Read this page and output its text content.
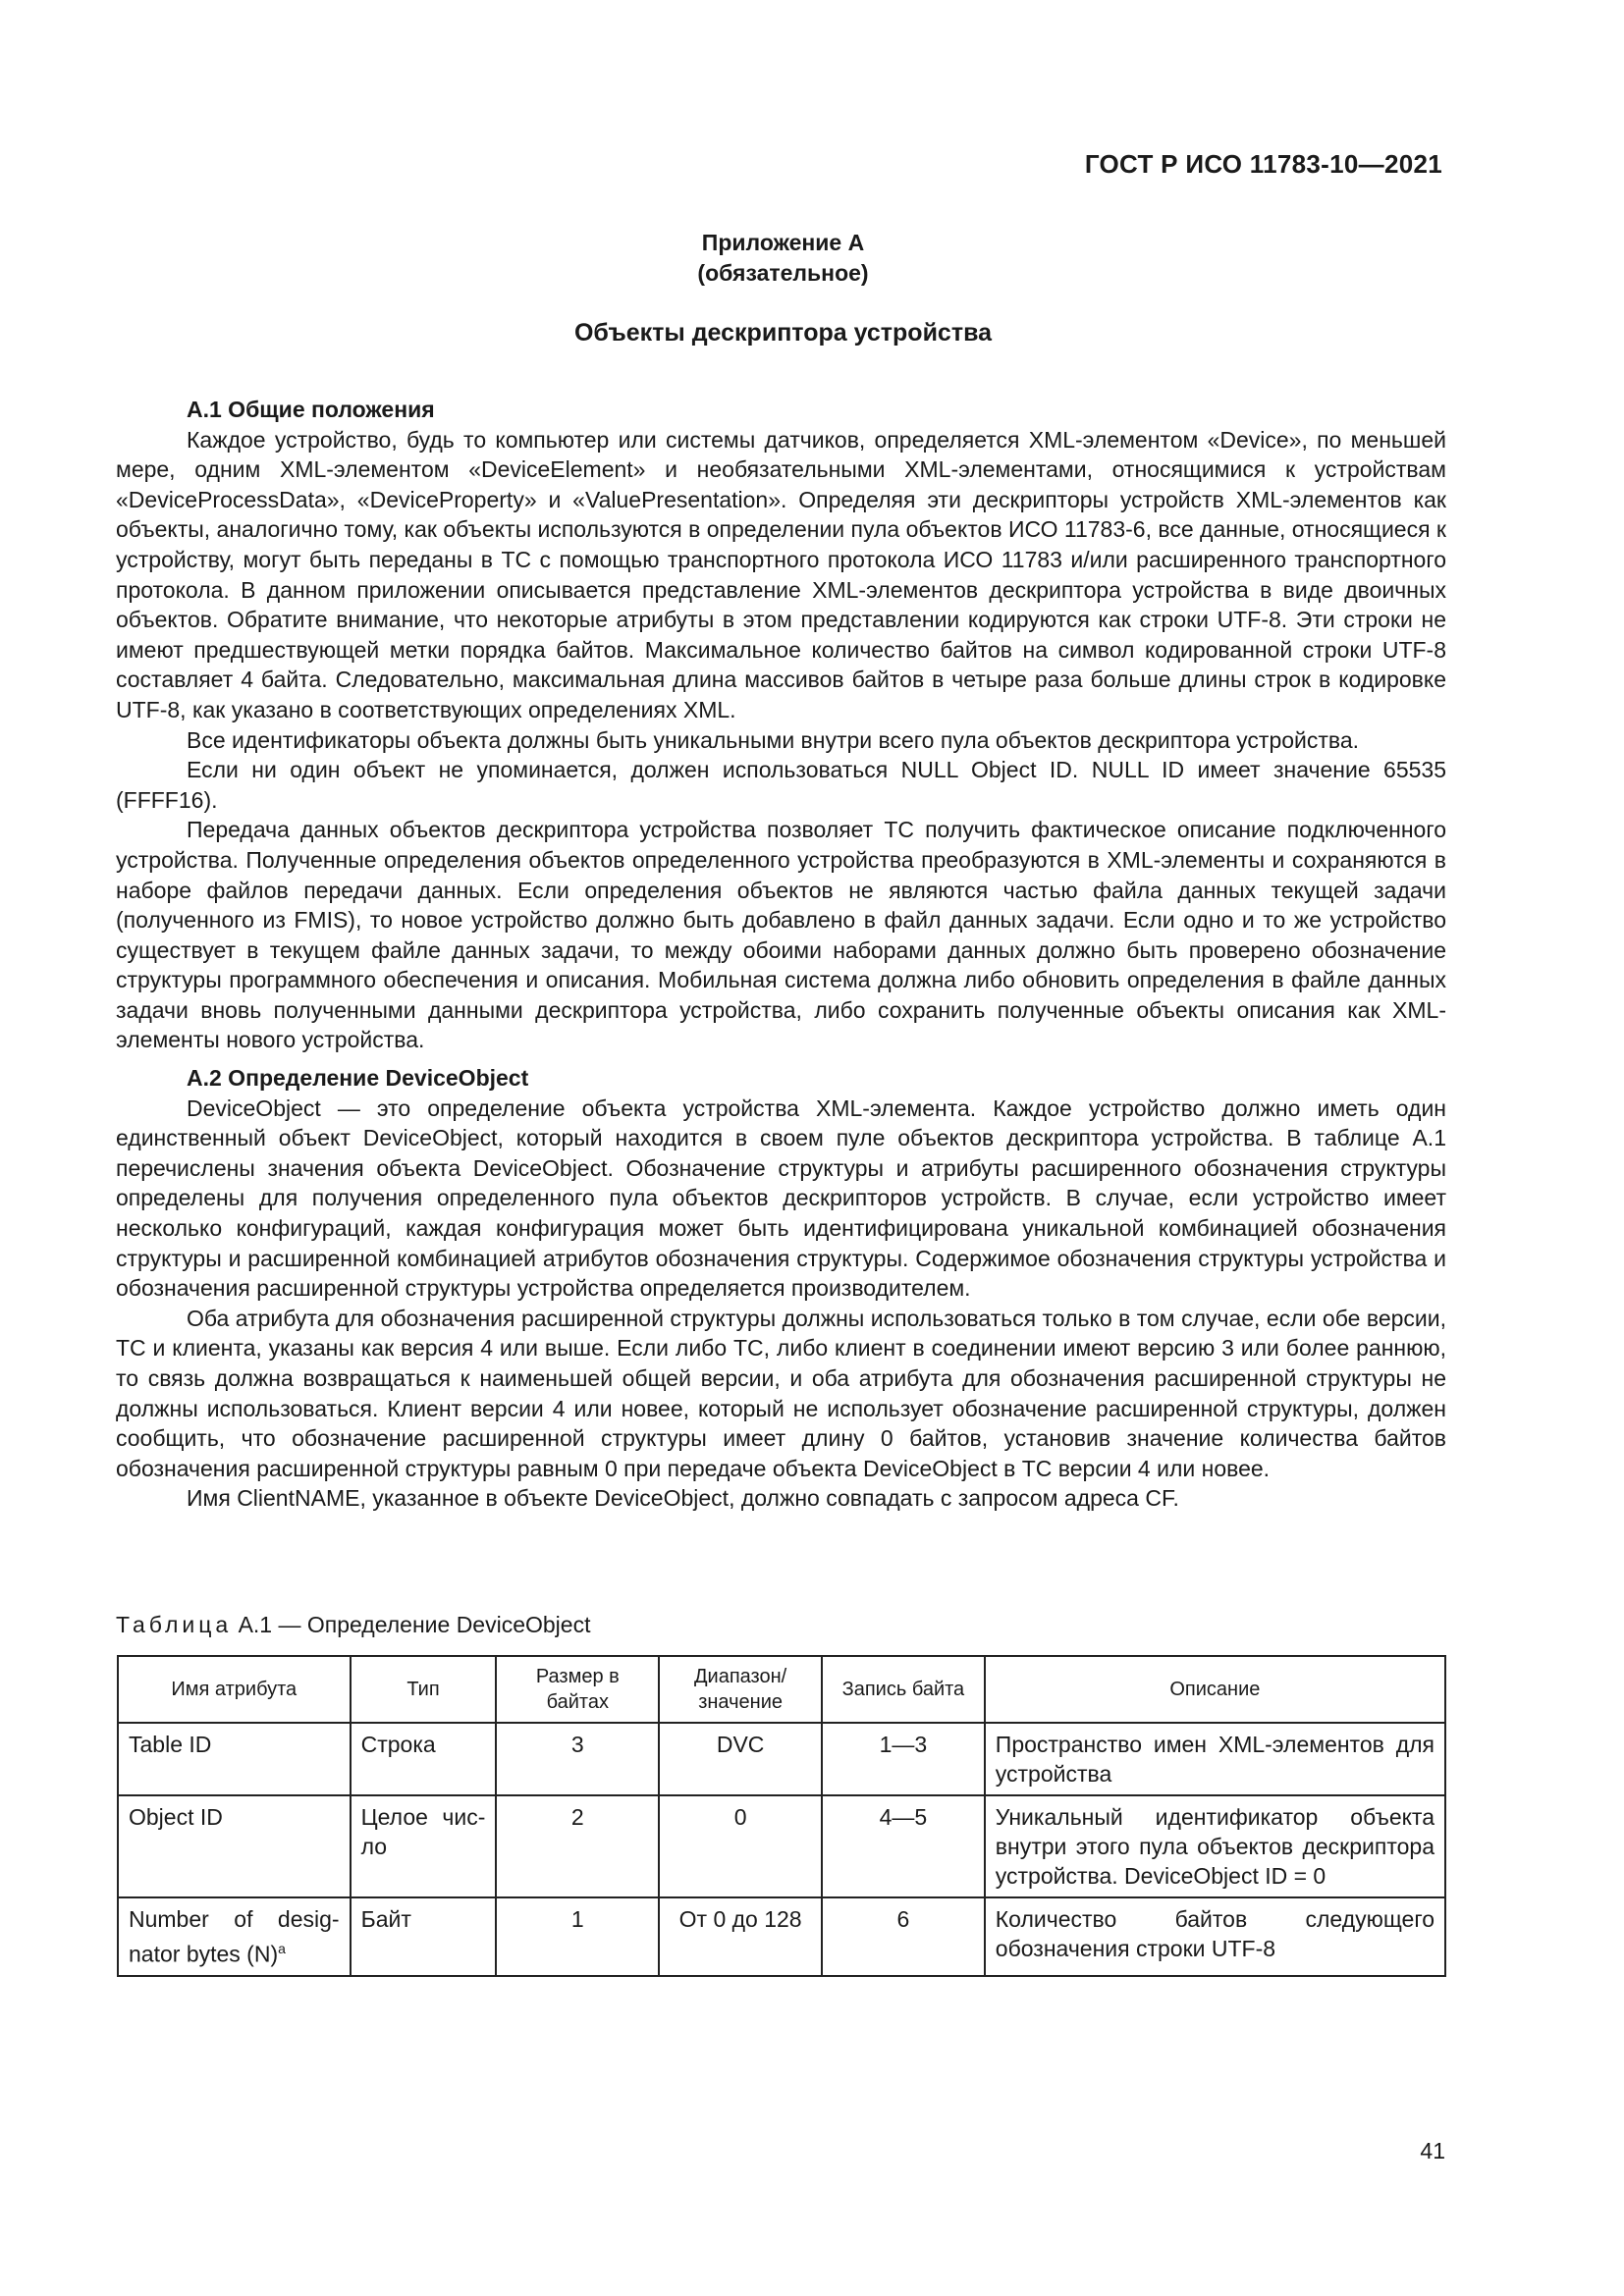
ГОСТ Р ИСО 11783-10—2021
Приложение А
(обязательное)
Объекты дескриптора устройства
А.1 Общие положения

Каждое устройство, будь то компьютер или системы датчиков, определяется XML-элементом «Device», по меньшей мере, одним XML-элементом «DeviceElement» и необязательными XML-элементами, относящимися к устройствам «DeviceProcessData», «DeviceProperty» и «ValuePresentation». Определяя эти дескрипторы устройств XML-элементов как объекты, аналогично тому, как объекты используются в определении пула объектов ИСО 11783-6, все данные, относящиеся к устройству, могут быть переданы в TC с помощью транспортного протокола ИСО 11783 и/или расширенного транспортного протокола. В данном приложении описывается представление XML-элементов дескриптора устройства в виде двоичных объектов. Обратите внимание, что некоторые атрибуты в этом представлении кодируются как строки UTF-8. Эти строки не имеют предшествующей метки порядка байтов. Максимальное количество байтов на символ кодированной строки UTF-8 составляет 4 байта. Следовательно, максимальная длина массивов байтов в четыре раза больше длины строк в кодировке UTF-8, как указано в соответствующих определениях XML.

Все идентификаторы объекта должны быть уникальными внутри всего пула объектов дескриптора устройства.

Если ни один объект не упоминается, должен использоваться NULL Object ID. NULL ID имеет значение 65535 (FFFF16).

Передача данных объектов дескриптора устройства позволяет TC получить фактическое описание подключенного устройства. Полученные определения объектов определенного устройства преобразуются в XML-элементы и сохраняются в наборе файлов передачи данных. Если определения объектов не являются частью файла данных текущей задачи (полученного из FMIS), то новое устройство должно быть добавлено в файл данных задачи. Если одно и то же устройство существует в текущем файле данных задачи, то между обоими наборами данных должно быть проверено обозначение структуры программного обеспечения и описания. Мобильная система должна либо обновить определения в файле данных задачи вновь полученными данными дескриптора устройства, либо сохранить полученные объекты описания как XML-элементы нового устройства.

А.2 Определение DeviceObject

DeviceObject — это определение объекта устройства XML-элемента. Каждое устройство должно иметь один единственный объект DeviceObject, который находится в своем пуле объектов дескриптора устройства. В таблице А.1 перечислены значения объекта DeviceObject. Обозначение структуры и атрибуты расширенного обозначения структуры определены для получения определенного пула объектов дескрипторов устройств. В случае, если устройство имеет несколько конфигураций, каждая конфигурация может быть идентифицирована уникальной комбинацией обозначения структуры и расширенной комбинацией атрибутов обозначения структуры. Содержимое обозначения структуры устройства и обозначения расширенной структуры устройства определяется производителем.

Оба атрибута для обозначения расширенной структуры должны использоваться только в том случае, если обе версии, TC и клиента, указаны как версия 4 или выше. Если либо TC, либо клиент в соединении имеют версию 3 или более раннюю, то связь должна возвращаться к наименьшей общей версии, и оба атрибута для обозначения расширенной структуры не должны использоваться. Клиент версии 4 или новее, который не использует обозначение расширенной структуры, должен сообщить, что обозначение расширенной структуры имеет длину 0 байтов, установив значение количества байтов обозначения расширенной структуры равным 0 при передаче объекта DeviceObject в TC версии 4 или новее.

Имя ClientNAME, указанное в объекте DeviceObject, должно совпадать с запросом адреса CF.

Таблица А.1 — Определение DeviceObject
Имя атрибута	Тип	Размер в байтах	Диапазон/ значение	Запись байта	Описание
Table ID	Строка	3	DVC	1—3	Пространство имен XML-элементов для устройства
Object ID	Целое число	2	0	4—5	Уникальный идентификатор объекта внутри этого пула объектов дескриптора устройства. DeviceObject ID = 0
Number of designator bytes $(N)^a$	Байт	1	От 0 до 128	6	Количество байтов следующего обозначения строки UTF-8
41
